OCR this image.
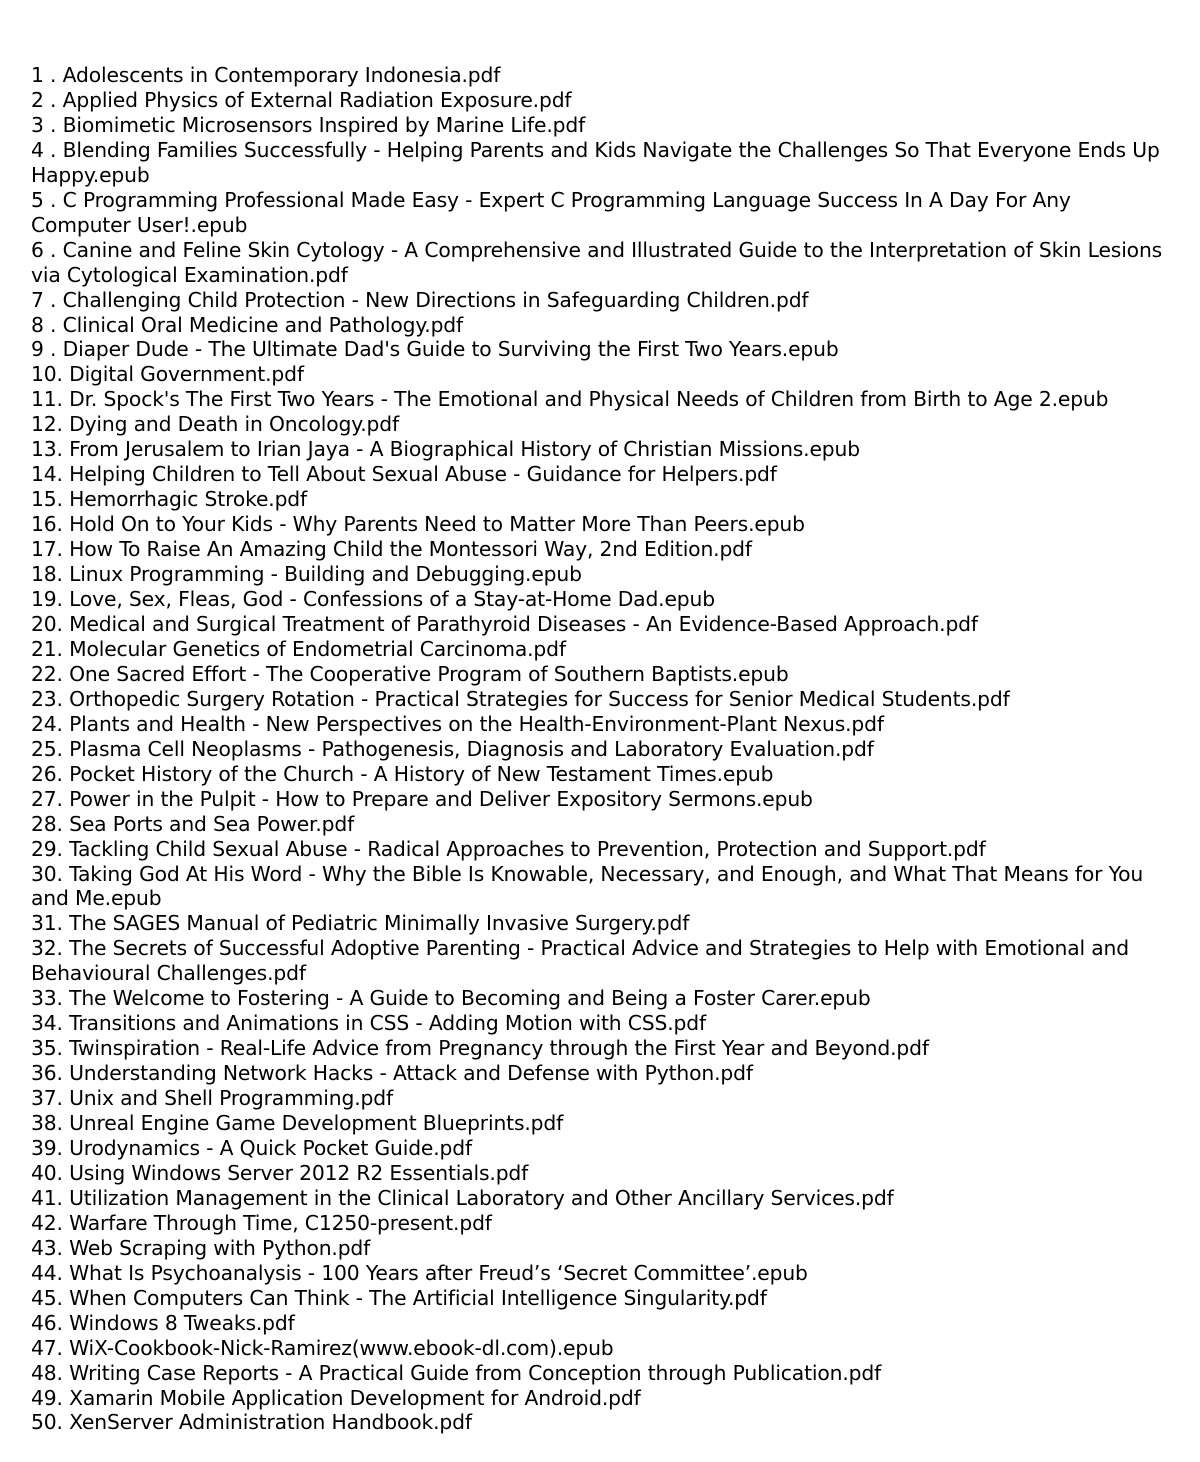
1 . Adolescents in Contemporary Indonesia.pdf
2 . Applied Physics of External Radiation Exposure.pdf
3 . Biomimetic Microsensors Inspired by Marine Life.pdf
4 . Blending Families Successfully - Helping Parents and Kids Navigate the Challenges So That Everyone Ends Up Happy.epub
5 . C Programming Professional Made Easy - Expert C Programming Language Success In A Day For Any Computer User!.epub
6 . Canine and Feline Skin Cytology - A Comprehensive and Illustrated Guide to the Interpretation of Skin Lesions via Cytological Examination.pdf
7 . Challenging Child Protection - New Directions in Safeguarding Children.pdf
8 . Clinical Oral Medicine and Pathology.pdf
9 . Diaper Dude - The Ultimate Dad's Guide to Surviving the First Two Years.epub
10. Digital Government.pdf
11. Dr. Spock's The First Two Years - The Emotional and Physical Needs of Children from Birth to Age 2.epub
12. Dying and Death in Oncology.pdf
13. From Jerusalem to Irian Jaya - A Biographical History of Christian Missions.epub
14. Helping Children to Tell About Sexual Abuse - Guidance for Helpers.pdf
15. Hemorrhagic Stroke.pdf
16. Hold On to Your Kids - Why Parents Need to Matter More Than Peers.epub
17. How To Raise An Amazing Child the Montessori Way, 2nd Edition.pdf
18. Linux Programming - Building and Debugging.epub
19. Love, Sex, Fleas, God - Confessions of a Stay-at-Home Dad.epub
20. Medical and Surgical Treatment of Parathyroid Diseases - An Evidence-Based Approach.pdf
21. Molecular Genetics of Endometrial Carcinoma.pdf
22. One Sacred Effort - The Cooperative Program of Southern Baptists.epub
23. Orthopedic Surgery Rotation - Practical Strategies for Success for Senior Medical Students.pdf
24. Plants and Health - New Perspectives on the Health-Environment-Plant Nexus.pdf
25. Plasma Cell Neoplasms - Pathogenesis, Diagnosis and Laboratory Evaluation.pdf
26. Pocket History of the Church - A History of New Testament Times.epub
27. Power in the Pulpit - How to Prepare and Deliver Expository Sermons.epub
28. Sea Ports and Sea Power.pdf
29. Tackling Child Sexual Abuse - Radical Approaches to Prevention, Protection and Support.pdf
30. Taking God At His Word - Why the Bible Is Knowable, Necessary, and Enough, and What That Means for You and Me.epub
31. The SAGES Manual of Pediatric Minimally Invasive Surgery.pdf
32. The Secrets of Successful Adoptive Parenting - Practical Advice and Strategies to Help with Emotional and Behavioural Challenges.pdf
33. The Welcome to Fostering - A Guide to Becoming and Being a Foster Carer.epub
34. Transitions and Animations in CSS - Adding Motion with CSS.pdf
35. Twinspiration - Real-Life Advice from Pregnancy through the First Year and Beyond.pdf
36. Understanding Network Hacks - Attack and Defense with Python.pdf
37. Unix and Shell Programming.pdf
38. Unreal Engine Game Development Blueprints.pdf
39. Urodynamics - A Quick Pocket Guide.pdf
40. Using Windows Server 2012 R2 Essentials.pdf
41. Utilization Management in the Clinical Laboratory and Other Ancillary Services.pdf
42. Warfare Through Time, C1250-present.pdf
43. Web Scraping with Python.pdf
44. What Is Psychoanalysis - 100 Years after Freud’s ‘Secret Committee’.epub
45. When Computers Can Think - The Artificial Intelligence Singularity.pdf
46. Windows 8 Tweaks.pdf
47. WiX-Cookbook-Nick-Ramirez(www.ebook-dl.com).epub
48. Writing Case Reports - A Practical Guide from Conception through Publication.pdf
49. Xamarin Mobile Application Development for Android.pdf
50. XenServer Administration Handbook.pdf
